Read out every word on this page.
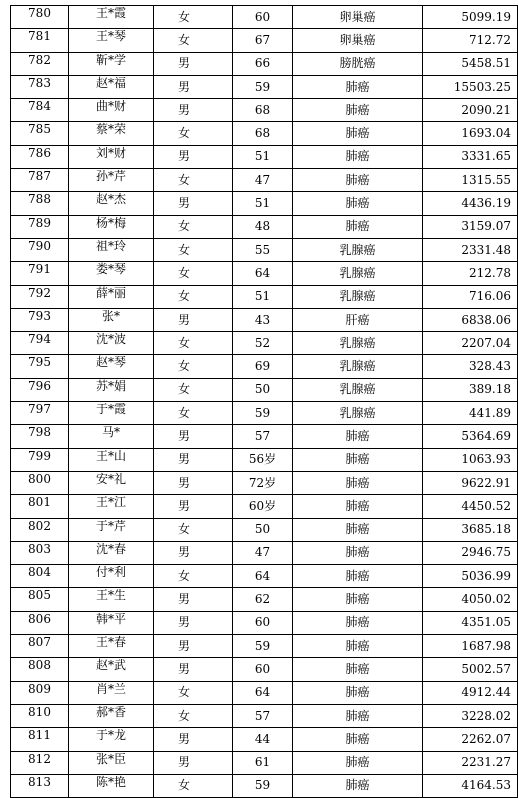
780	王*霞	女	60	卵巢癌	5099.19
781	王*琴	女	67	卵巢癌	712.72
782	靳*学	男	66	膀胱癌	5458.51
783	赵*福	男	59	肺癌	15503.25
784	曲*财	男	68	肺癌	2090.21
785	蔡*荣	女	68	肺癌	1693.04
786	刘*财	男	51	肺癌	3331.65
787	孙*芹	女	47	肺癌	1315.55
788	赵*杰	男	51	肺癌	4436.19
789	杨*梅	女	48	肺癌	3159.07
790	祖*玲	女	55	乳腺癌	2331.48
791	娄*琴	女	64	乳腺癌	212.78
792	薛*丽	女	51	乳腺癌	716.06
793	张*	男	43	肝癌	6838.06
794	沈*波	女	52	乳腺癌	2207.04
795	赵*琴	女	69	乳腺癌	328.43
796	苏*娟	女	50	乳腺癌	389.18
797	于*霞	女	59	乳腺癌	441.89
798	马*	男	57	肺癌	5364.69
799	王*山	男	56岁	肺癌	1063.93
800	安*礼	男	72岁	肺癌	9622.91
801	王*江	男	60岁	肺癌	4450.52
802	于*芹	女	50	肺癌	3685.18
803	沈*春	男	47	肺癌	2946.75
804	付*利	女	64	肺癌	5036.99
805	王*生	男	62	肺癌	4050.02
806	韩*平	男	60	肺癌	4351.05
807	王*春	男	59	肺癌	1687.98
808	赵*武	男	60	肺癌	5002.57
809	肖*兰	女	64	肺癌	4912.44
810	郝*香	女	57	肺癌	3228.02
811	于*龙	男	44	肺癌	2262.07
812	张*臣	男	61	肺癌	2231.27
813	陈*艳	女	59	肺癌	4164.53
